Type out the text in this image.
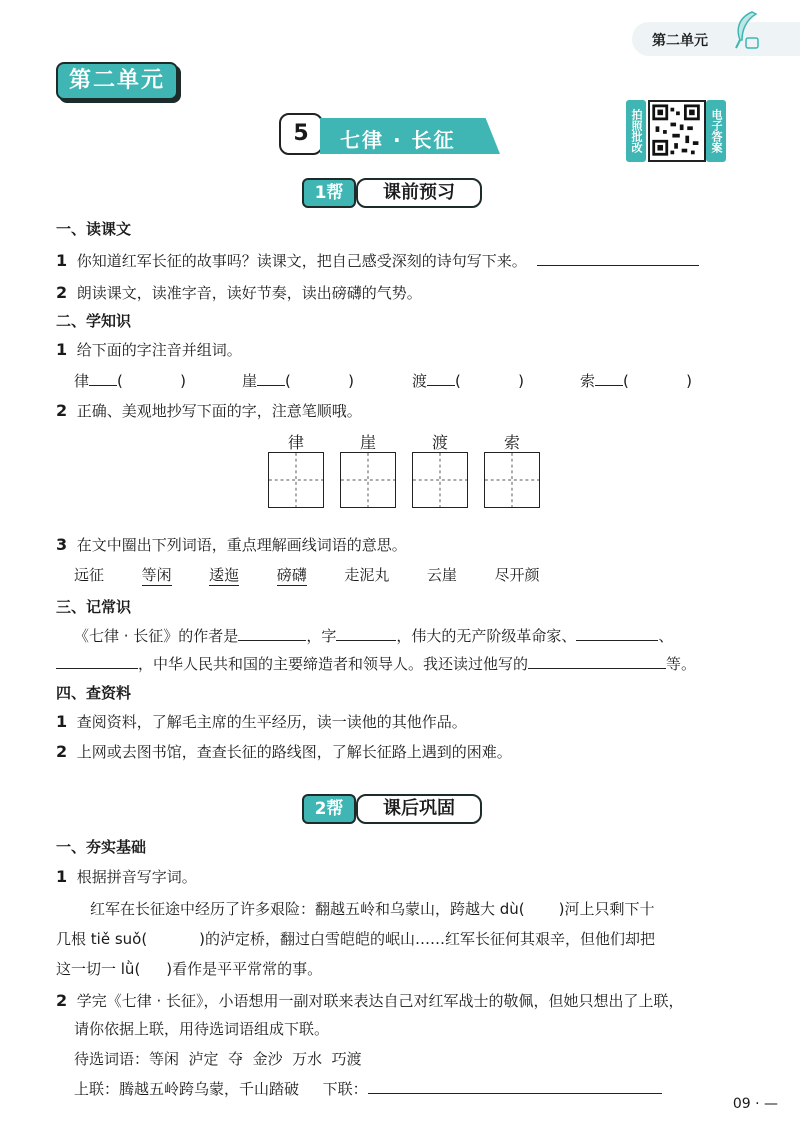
第二单元
第二单元
5	七律 · 长征	拍照批改	电子答案
1帮	课前预习
一、读课文
1 你知道红军长征的故事吗？读课文，把自己感受深刻的诗句写下来。
2 朗读课文，读准字音，读好节奏，读出磅礴的气势。
二、学知识
1 给下面的字注音并组词。
律 (            )	崖 (            )	渡 (            )	索 (            )
2 正确、美观地抄写下面的字，注意笔顺哦。
律	崖	渡	索
3 在文中圈出下列词语，重点理解画线词语的意思。
远征	等闲	逶迤	磅礴	走泥丸	云崖	尽开颜
三、记常识
《七律 · 长征》的作者是	，字	，伟大的无产阶级革命家、	、
，中华人民共和国的主要缔造者和领导人。我还读过他写的	等。
四、查资料
1 查阅资料，了解毛主席的生平经历，读一读他的其他作品。
2 上网或去图书馆，查查长征的路线图，了解长征路上遇到的困难。
2帮	课后巩固
一、夯实基础
1 根据拼音写字词。
红军在长征途中经历了许多艰险：翻越五岭和乌蒙山，跨越大 dù( )河上只剩下十
几根 tiě suǒ(	)的泸定桥，翻过白雪皑皑的岷山……红军长征何其艰辛，但他们却把
这一切一 lǜ( )看作是平平常常的事。
2 学完《七律 · 长征》，小语想用一副对联来表达自己对红军战士的敬佩，但她只想出了上联，
请你依据上联，用待选词语组成下联。
待选词语：等闲  泸定  夺  金沙  万水  巧渡
上联：腾越五岭跨乌蒙，千山踏破 下联：
09 · —
